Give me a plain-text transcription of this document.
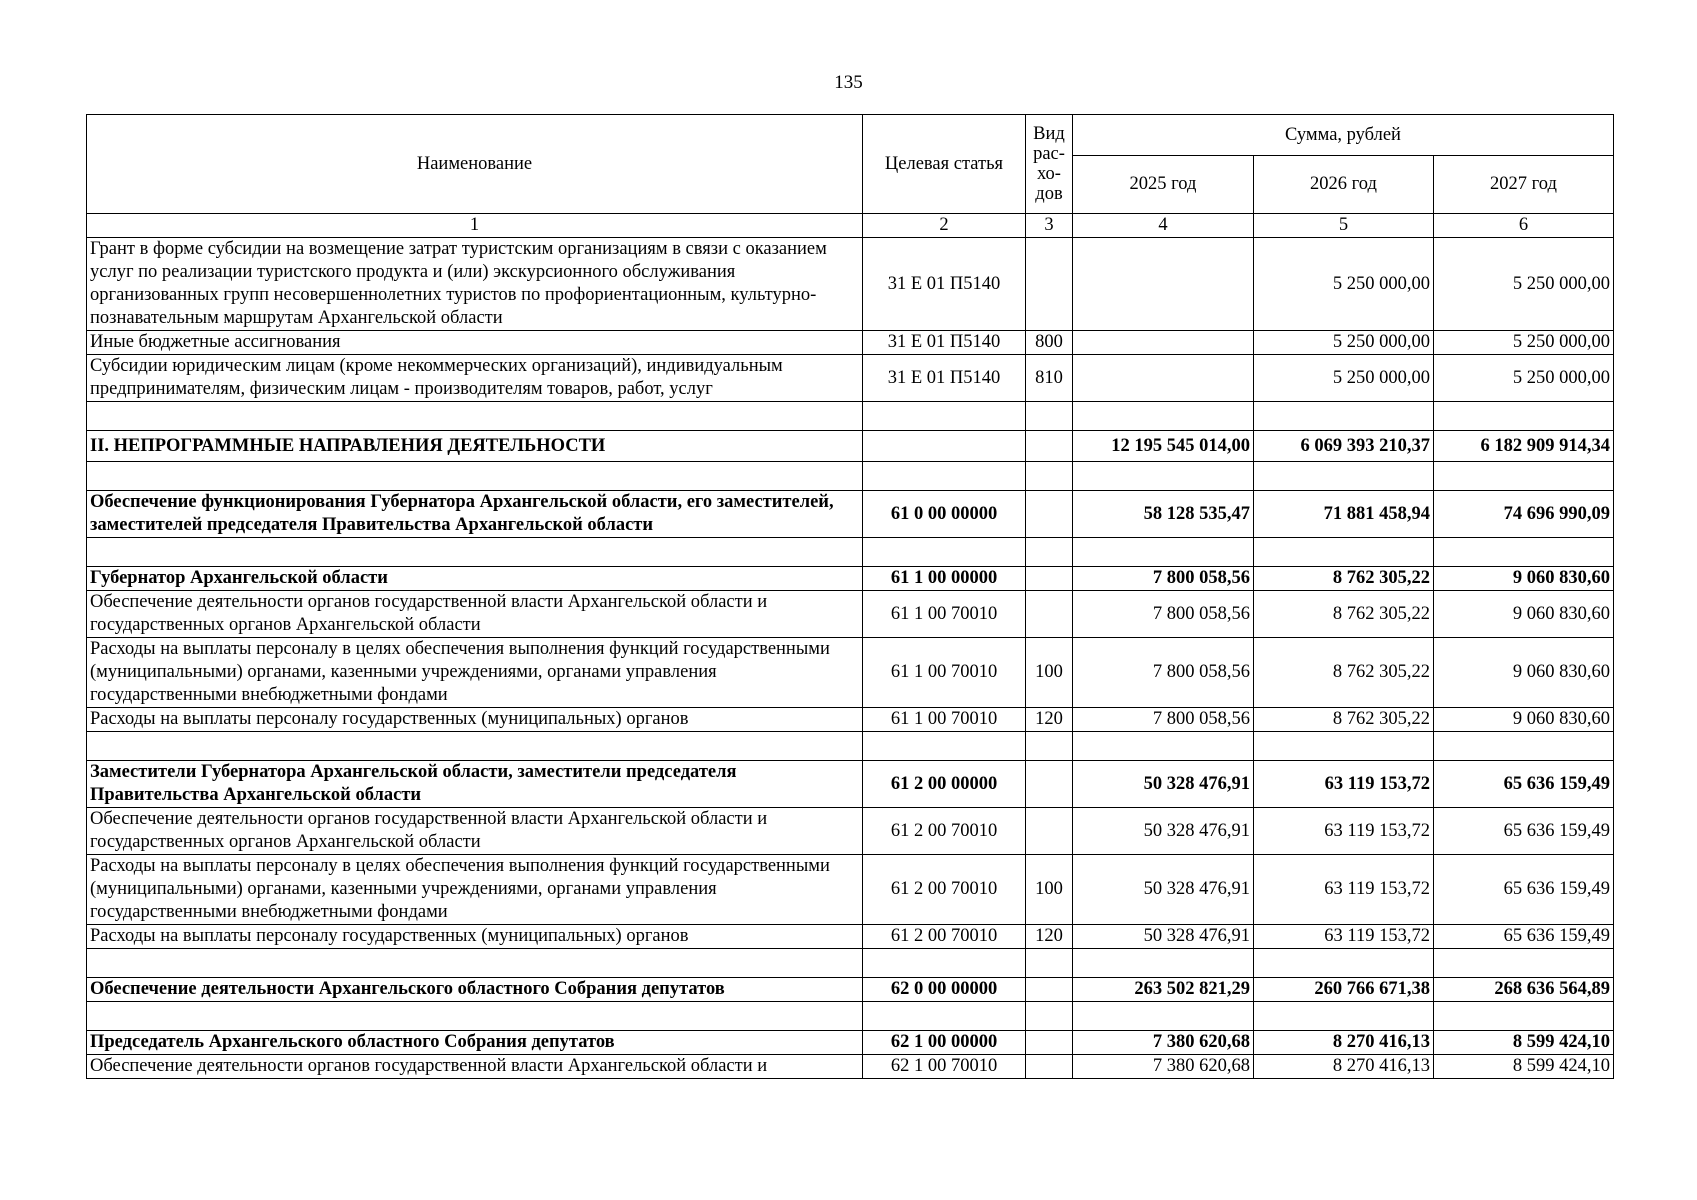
135
Наименование	Целевая статья	Вид рас-хо-дов	Сумма, рублей		
			2025 год	2026 год	2027 год
1	2	3	4	5	6
Грант в форме субсидии на возмещение затрат туристским организациям в связи с оказанием услуг по реализации туристского продукта и (или) экскурсионного обслуживания организованных групп несовершеннолетних туристов по профориентационным, культурно-познавательным маршрутам Архангельской области	31 Е 01 П5140			5 250 000,00	5 250 000,00
Иные бюджетные ассигнования	31 Е 01 П5140	800		5 250 000,00	5 250 000,00
Субсидии юридическим лицам (кроме некоммерческих организаций), индивидуальным предпринимателям, физическим лицам - производителям товаров, работ, услуг	31 Е 01 П5140	810		5 250 000,00	5 250 000,00

II. НЕПРОГРАММНЫЕ НАПРАВЛЕНИЯ ДЕЯТЕЛЬНОСТИ			12 195 545 014,00	6 069 393 210,37	6 182 909 914,34

Обеспечение функционирования Губернатора Архангельской области, его заместителей, заместителей председателя Правительства Архангельской области	61 0 00 00000		58 128 535,47	71 881 458,94	74 696 990,09

Губернатор Архангельской области	61 1 00 00000		7 800 058,56	8 762 305,22	9 060 830,60
Обеспечение деятельности органов государственной власти Архангельской области и государственных органов Архангельской области	61 1 00 70010		7 800 058,56	8 762 305,22	9 060 830,60
Расходы на выплаты персоналу в целях обеспечения выполнения функций государственными (муниципальными) органами, казенными учреждениями, органами управления государственными внебюджетными фондами	61 1 00 70010	100	7 800 058,56	8 762 305,22	9 060 830,60
Расходы на выплаты персоналу государственных (муниципальных) органов	61 1 00 70010	120	7 800 058,56	8 762 305,22	9 060 830,60

Заместители Губернатора Архангельской области, заместители председателя Правительства Архангельской области	61 2 00 00000		50 328 476,91	63 119 153,72	65 636 159,49
Обеспечение деятельности органов государственной власти Архангельской области и государственных органов Архангельской области	61 2 00 70010		50 328 476,91	63 119 153,72	65 636 159,49
Расходы на выплаты персоналу в целях обеспечения выполнения функций государственными (муниципальными) органами, казенными учреждениями, органами управления государственными внебюджетными фондами	61 2 00 70010	100	50 328 476,91	63 119 153,72	65 636 159,49
Расходы на выплаты персоналу государственных (муниципальных) органов	61 2 00 70010	120	50 328 476,91	63 119 153,72	65 636 159,49

Обеспечение деятельности Архангельского областного Собрания депутатов	62 0 00 00000		263 502 821,29	260 766 671,38	268 636 564,89

Председатель Архангельского областного Собрания депутатов	62 1 00 00000		7 380 620,68	8 270 416,13	8 599 424,10
Обеспечение деятельности органов государственной власти Архангельской области и	62 1 00 70010		7 380 620,68	8 270 416,13	8 599 424,10
